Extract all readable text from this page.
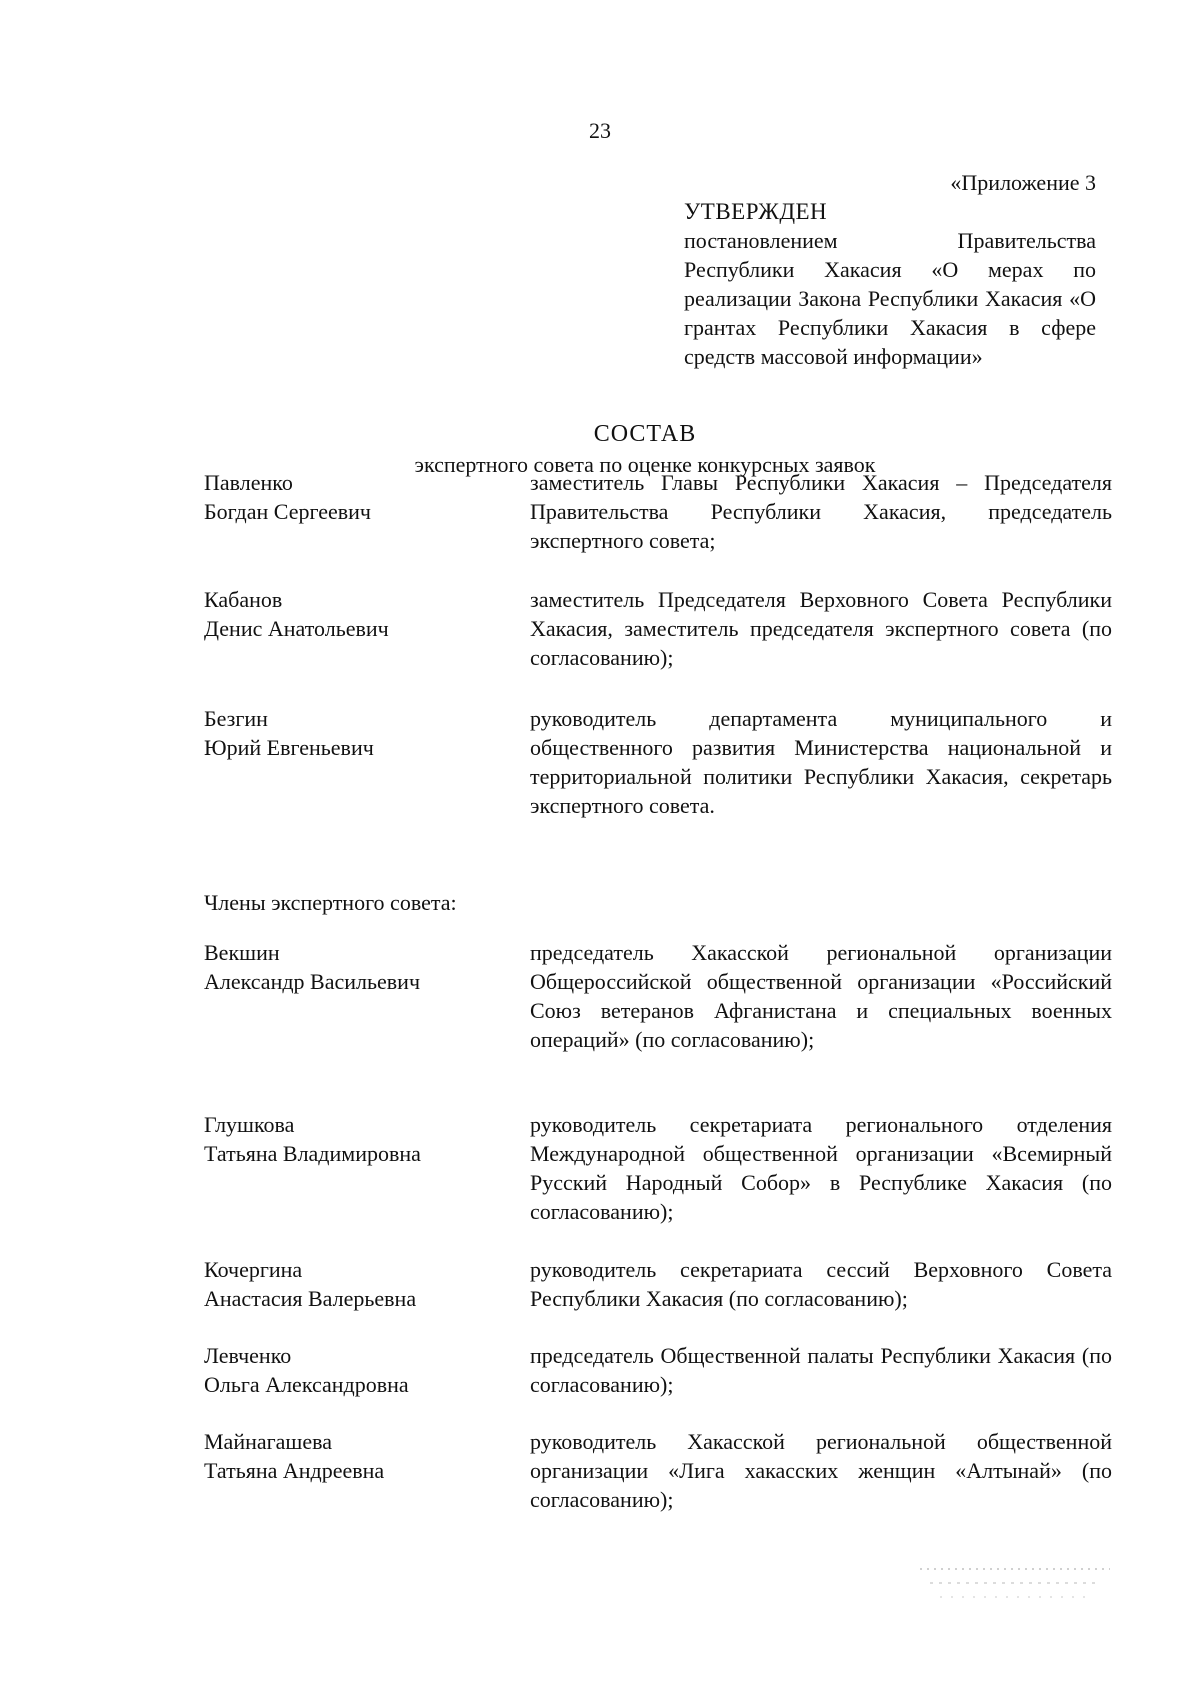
23
«Приложение 3
УТВЕРЖДЕН
постановлением Правительства Республики Хакасия «О мерах по реализации Закона Республики Хакасия «О грантах Республики Хакасия в сфере средств массовой информации»
СОСТАВ
экспертного совета по оценке конкурсных заявок
Павленко
Богдан Сергеевич
заместитель Главы Республики Хакасия – Председателя Правительства Республики Хакасия, председатель экспертного совета;
Кабанов
Денис Анатольевич
заместитель Председателя Верховного Совета Республики Хакасия, заместитель председателя экспертного совета (по согласованию);
Безгин
Юрий Евгеньевич
руководитель департамента муниципального и общественного развития Министерства национальной и территориальной политики Республики Хакасия, секретарь экспертного совета.
Члены экспертного совета:
Векшин
Александр Васильевич
председатель Хакасской региональной организации Общероссийской общественной организации «Российский Союз ветеранов Афганистана и специальных военных операций» (по согласованию);
Глушкова
Татьяна Владимировна
руководитель секретариата регионального отделения Международной общественной организации «Всемирный Русский Народный Собор» в Республике Хакасия (по согласованию);
Кочергина
Анастасия Валерьевна
руководитель секретариата сессий Верховного Совета Республики Хакасия (по согласованию);
Левченко
Ольга Александровна
председатель Общественной палаты Республики Хакасия (по согласованию);
Майнагашева
Татьяна Андреевна
руководитель Хакасской региональной общественной организации «Лига хакасских женщин «Алтынай» (по согласованию);
